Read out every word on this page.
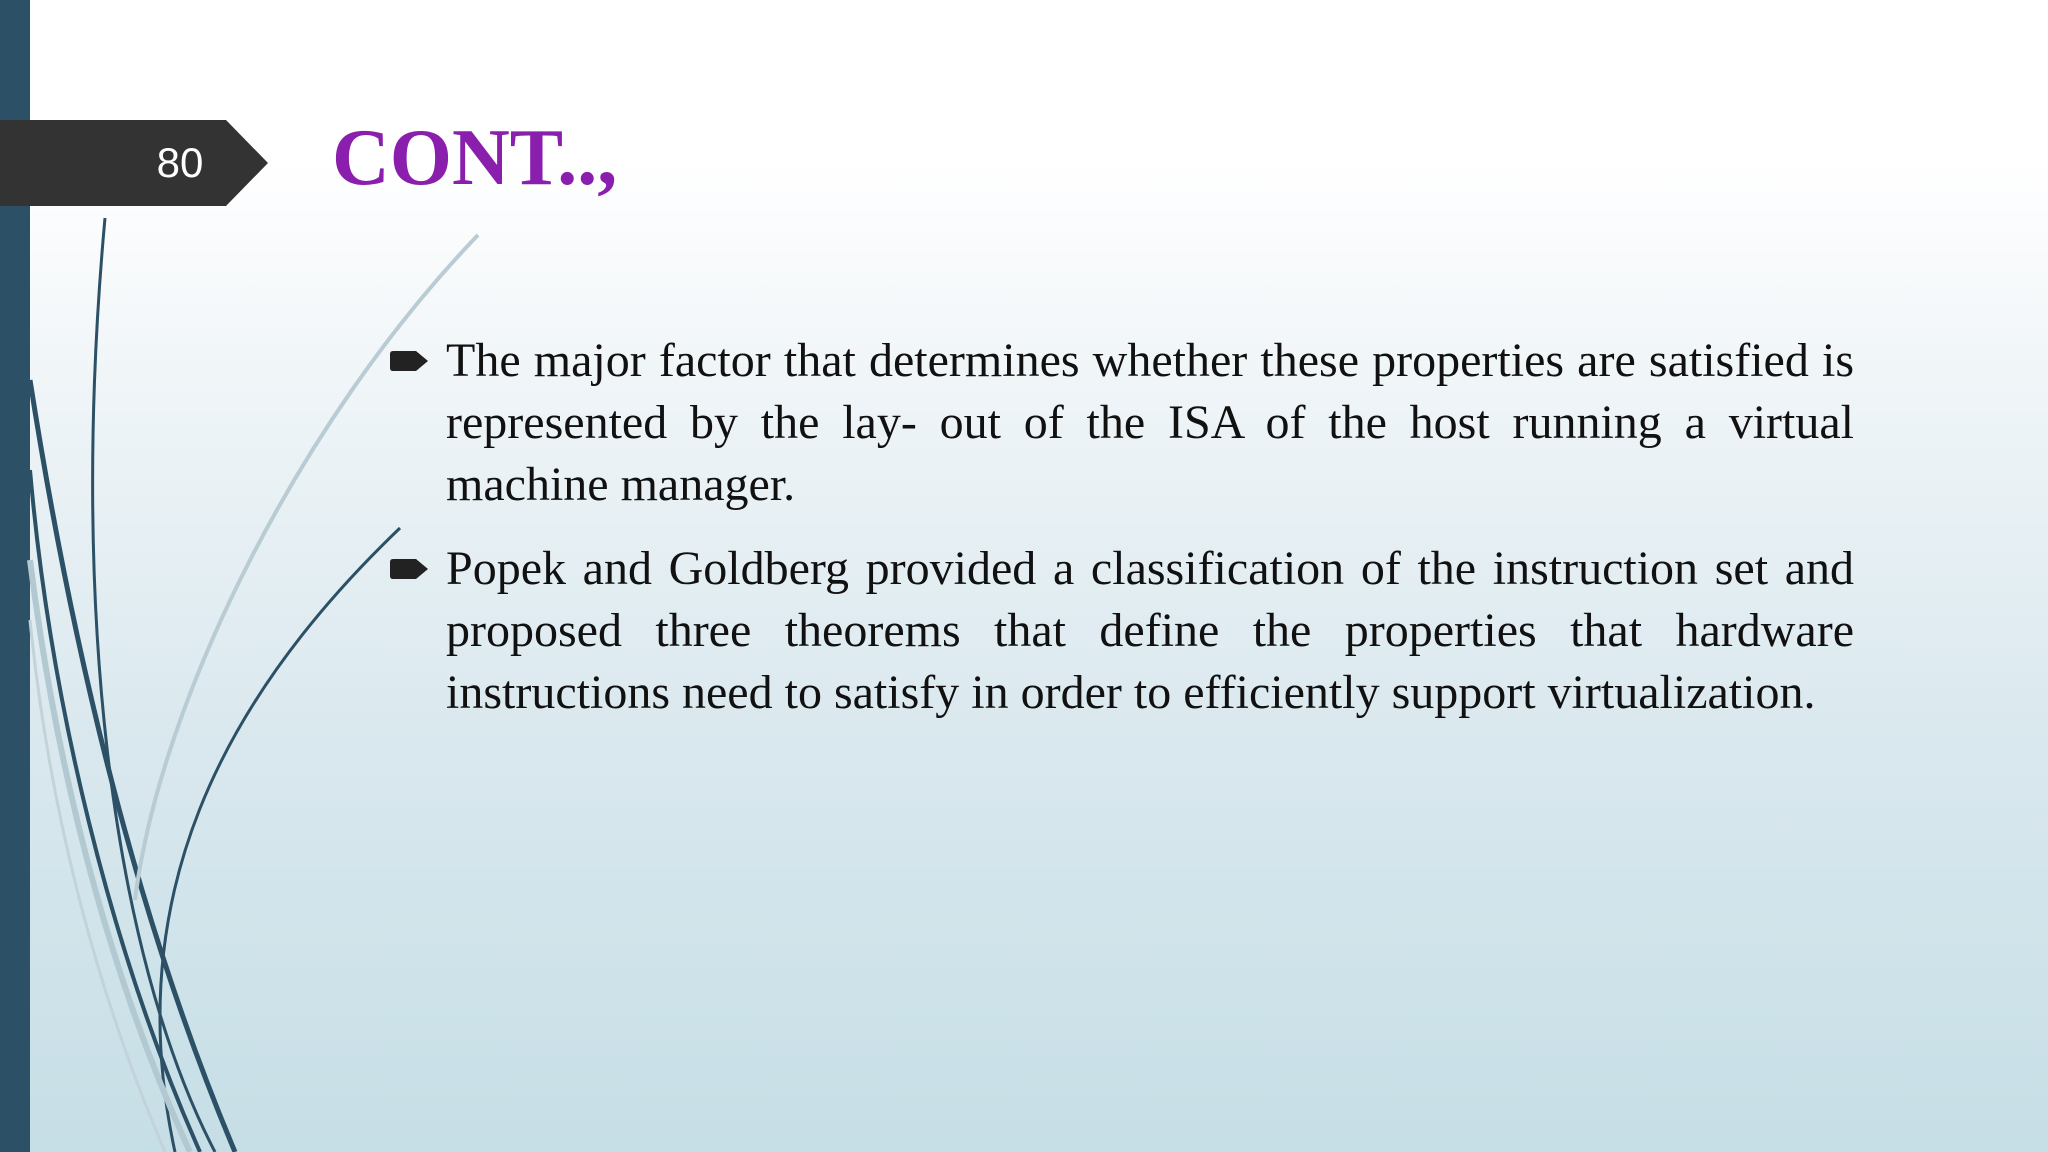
80	CONT..,
The major factor that determines whether these properties are satisfied is represented by the lay- out of the ISA of the host running a virtual machine manager.
Popek and Goldberg provided a classification of the instruction set and proposed three theorems that define the properties that hardware instructions need to satisfy in order to efficiently support virtualization.
